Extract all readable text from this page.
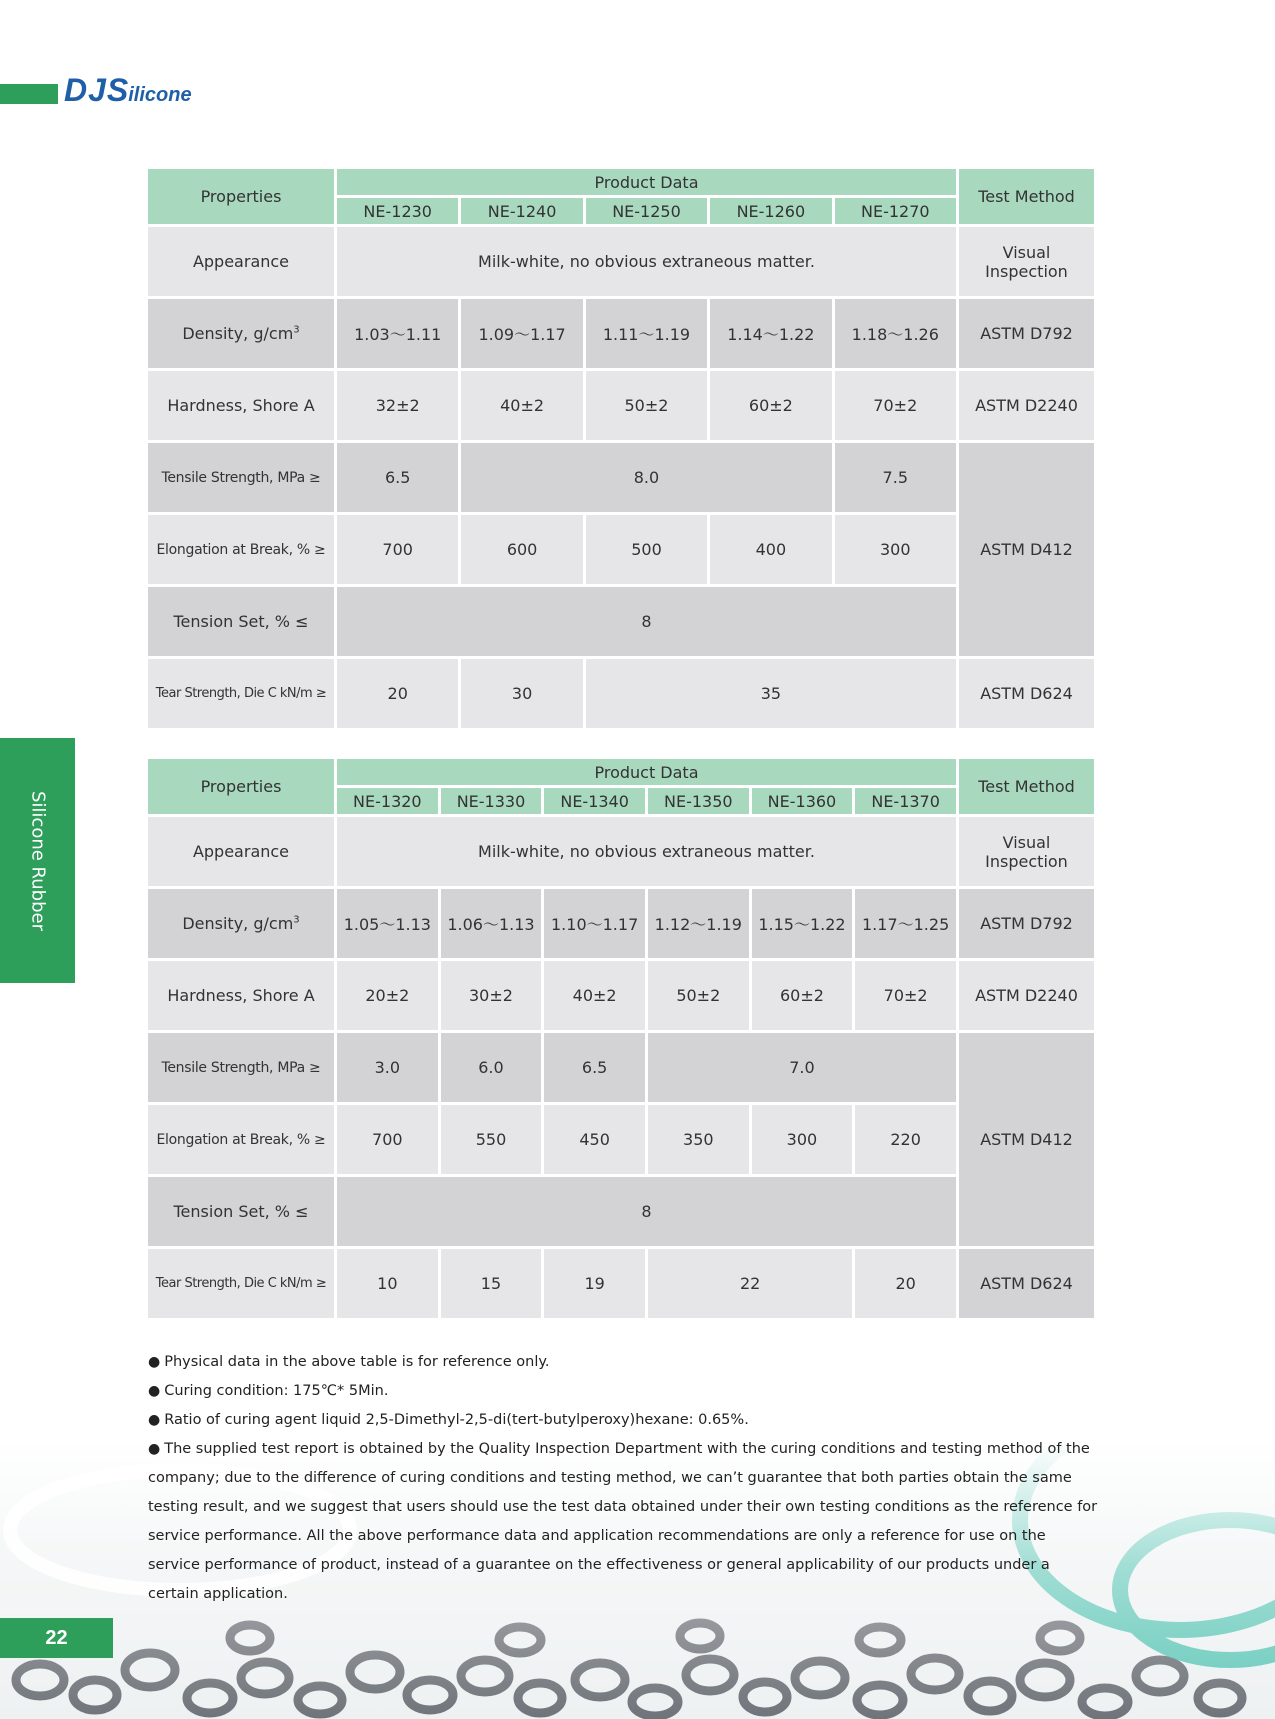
DJSilicone
Silicone Rubber
Properties	Product Data					Test Method
	NE-1230	NE-1240	NE-1250	NE-1260	NE-1270	
Appearance	Milk-white, no obvious extraneous matter.					Visual Inspection
Density, $g/cm^3$	1.03～1.11	1.09～1.17	1.11～1.19	1.14～1.22	1.18～1.26	ASTM D792
Hardness, Shore A	32±2	40±2	50±2	60±2	70±2	ASTM D2240
Tensile Strength, MPa ≥	6.5	8.0			7.5	ASTM D412
Elongation at Break, % ≥	700	600	500	400	300	
Tension Set, % ≤	8					
Tear Strength, Die C kN/m ≥	20	30	35			ASTM D624
Properties	Product Data						Test Method
	NE-1320	NE-1330	NE-1340	NE-1350	NE-1360	NE-1370	
Appearance	Milk-white, no obvious extraneous matter.						Visual Inspection
Density, $g/cm^3$	1.05～1.13	1.06～1.13	1.10～1.17	1.12～1.19	1.15～1.22	1.17～1.25	ASTM D792
Hardness, Shore A	20±2	30±2	40±2	50±2	60±2	70±2	ASTM D2240
Tensile Strength, MPa ≥	3.0	6.0	6.5	7.0			ASTM D412
Elongation at Break, % ≥	700	550	450	350	300	220	
Tension Set, % ≤	8						
Tear Strength, Die C kN/m ≥	10	15	19	22		20	ASTM D624

● Physical data in the above table is for reference only.

● Curing condition: 175℃* 5Min.

● Ratio of curing agent liquid 2,5-Dimethyl-2,5-di(tert-butylperoxy)hexane: 0.65%.

● The supplied test report is obtained by the Quality Inspection Department with the curing conditions and testing method of the company; due to the difference of curing conditions and testing method, we can’t guarantee that both parties obtain the same testing result, and we suggest that users should use the test data obtained under their own testing conditions as the reference for service performance. All the above performance data and application recommendations are only a reference for use on the service performance of product, instead of a guarantee on the effectiveness or general applicability of our products under a certain application.

22
